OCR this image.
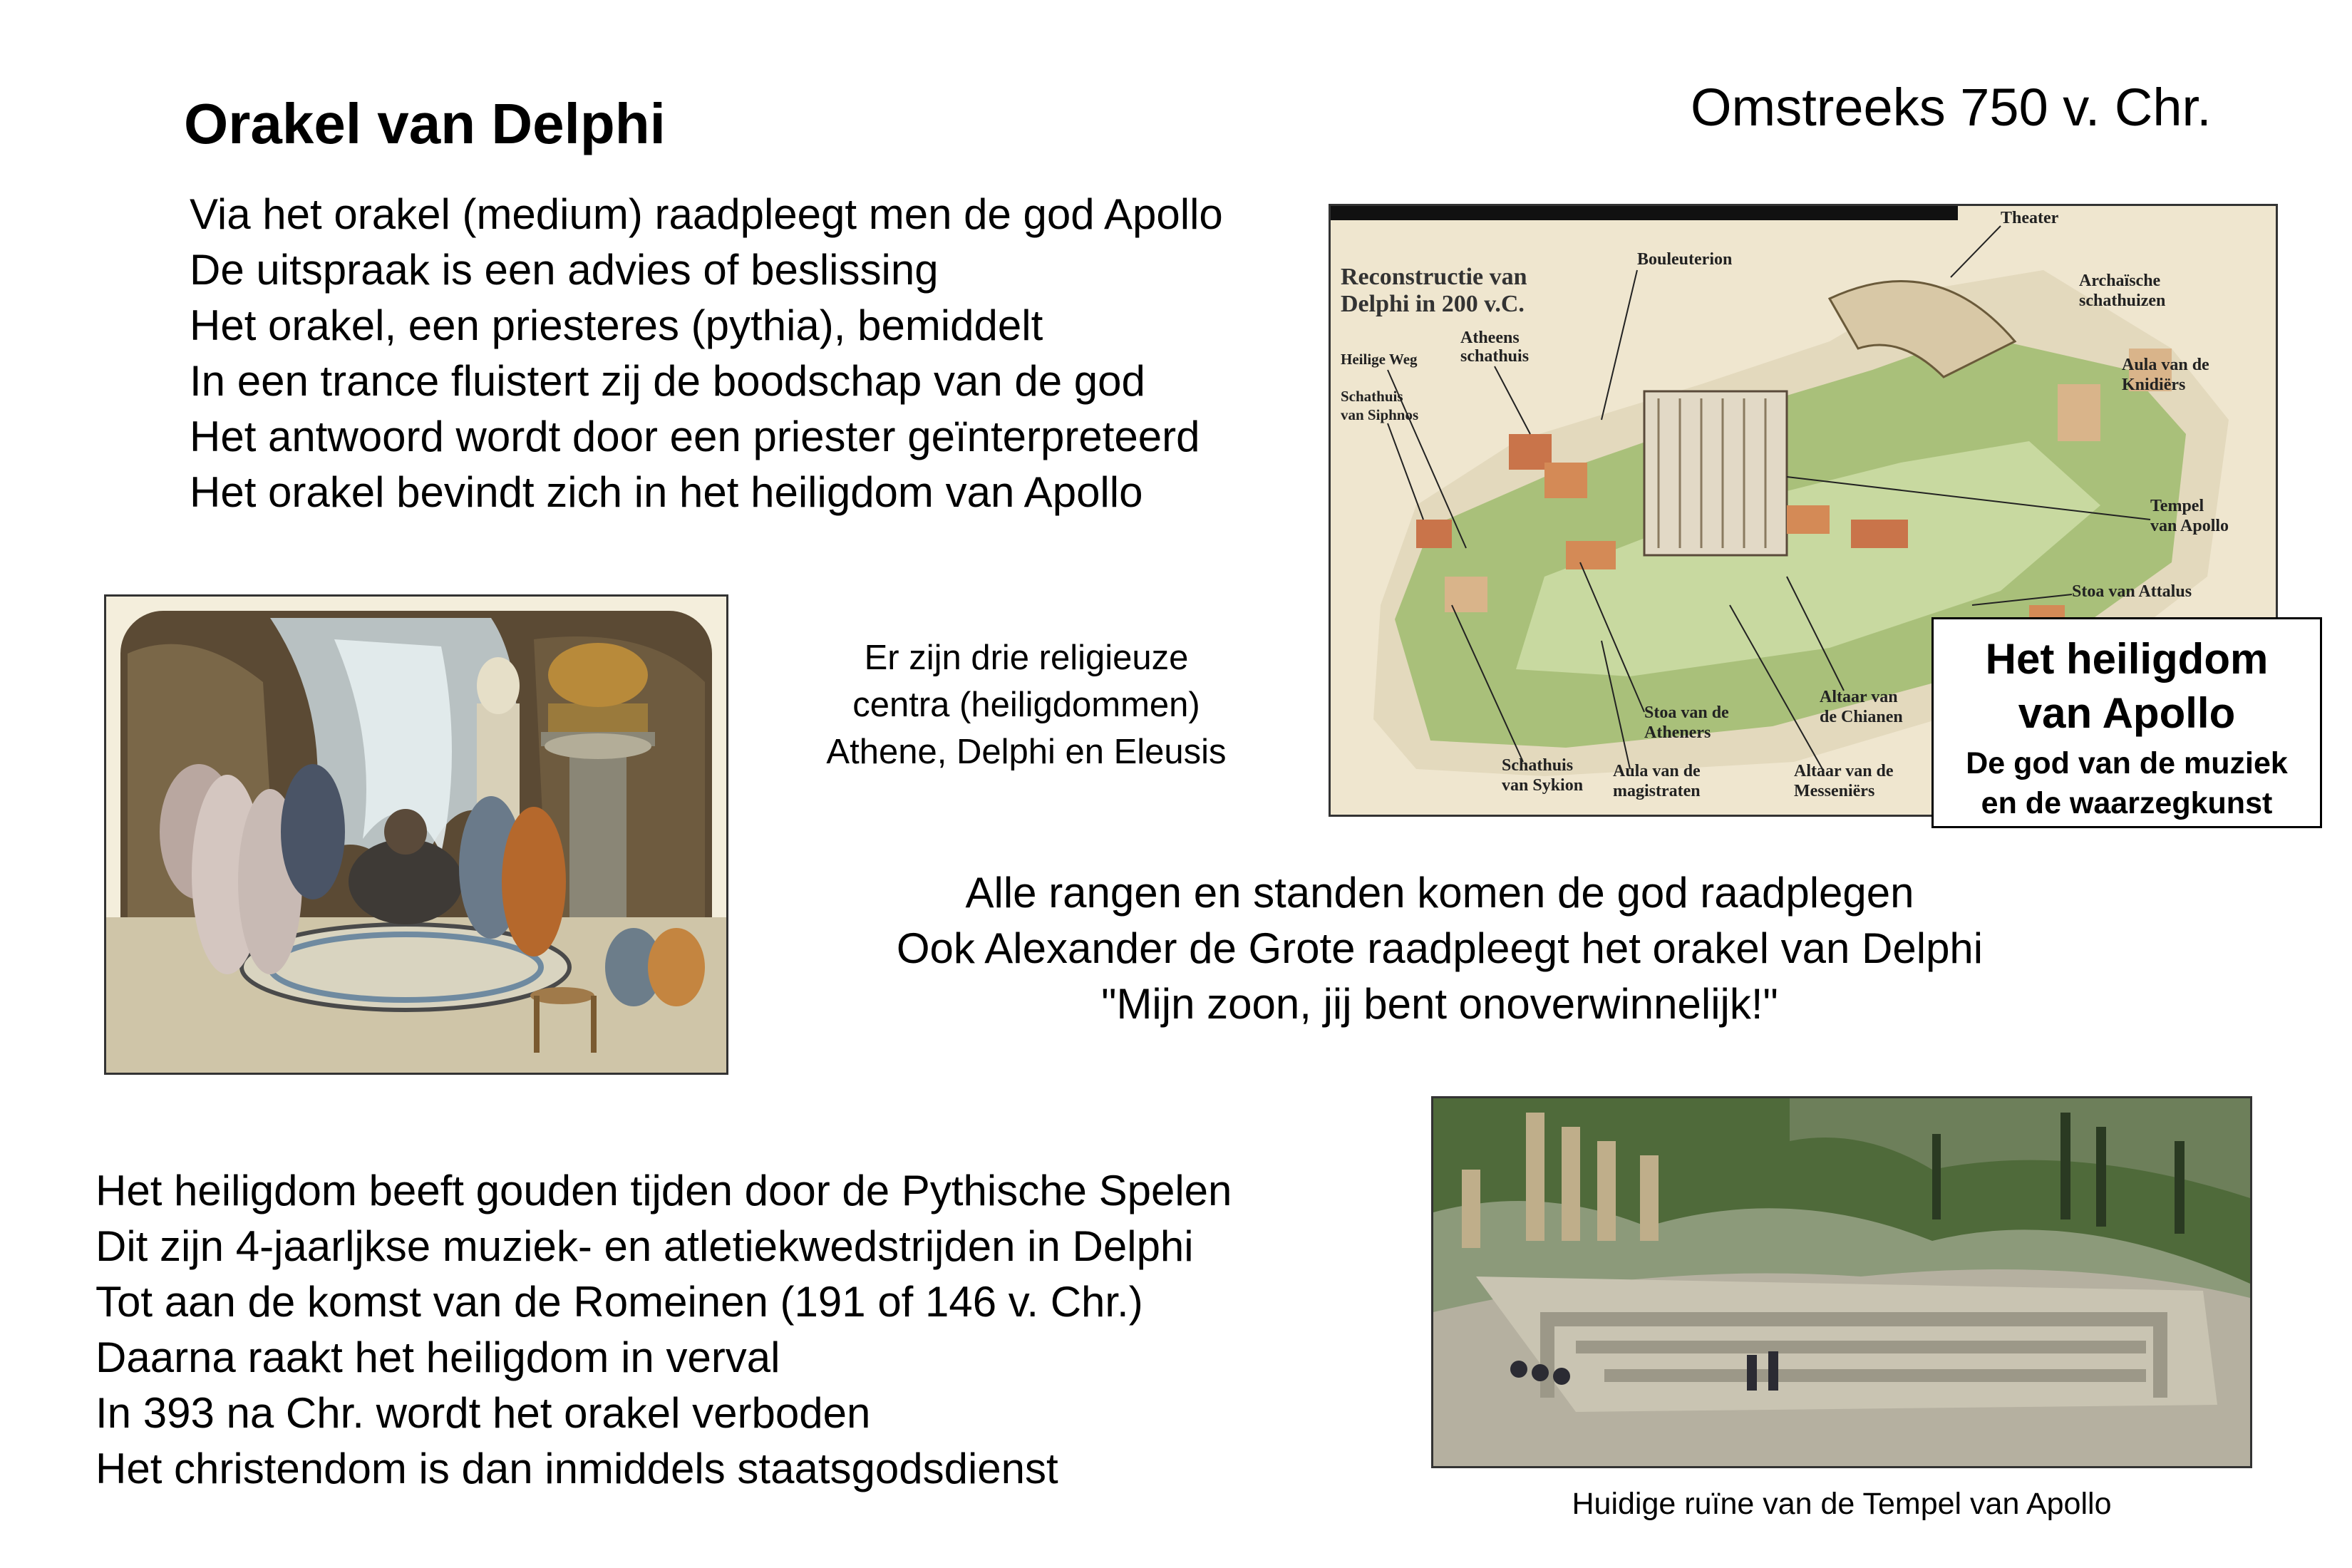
Orakel van Delphi	Omstreeks 750 v. Chr.
Via het orakel (medium) raadpleegt men de god Apollo
De uitspraak is een advies of beslissing
Het orakel, een priesteres (pythia), bemiddelt
In een trance fluistert zij de boodschap van de god
Het antwoord wordt door een priester geïnterpreteerd
Het orakel bevindt zich in het heiligdom van Apollo
Er zijn drie religieuze
centra (heiligdommen)
Athene, Delphi en Eleusis
Reconstructie van
Delphi in 200 v.C.
Theater
Bouleuterion
Archaïsche
schathuizen
Atheens
schathuis
Heilige Weg
Schathuis
van Siphnos
Aula van de
Knidiërs
Tempel
van Apollo
Stoa van Attalus
Stoa van de
Atheners
Altaar van
de Chianen
Schathuis
van Sykion
Aula van de
magistraten
Altaar van de
Messeniërs
Het heiligdom
van Apollo
De god van de muziek
en de waarzegkunst
Alle rangen en standen komen de god raadplegen
Ook Alexander de Grote raadpleegt het orakel van Delphi
"Mijn zoon, jij bent onoverwinnelijk!"
Het heiligdom beeft gouden tijden door de Pythische Spelen
Dit zijn 4-jaarljkse muziek- en atletiekwedstrijden in Delphi
Tot aan de komst van de Romeinen (191 of 146 v. Chr.)
Daarna raakt het heiligdom in verval
In 393 na Chr. wordt het orakel verboden
Het christendom is dan inmiddels staatsgodsdienst
Huidige ruïne van de Tempel van Apollo
